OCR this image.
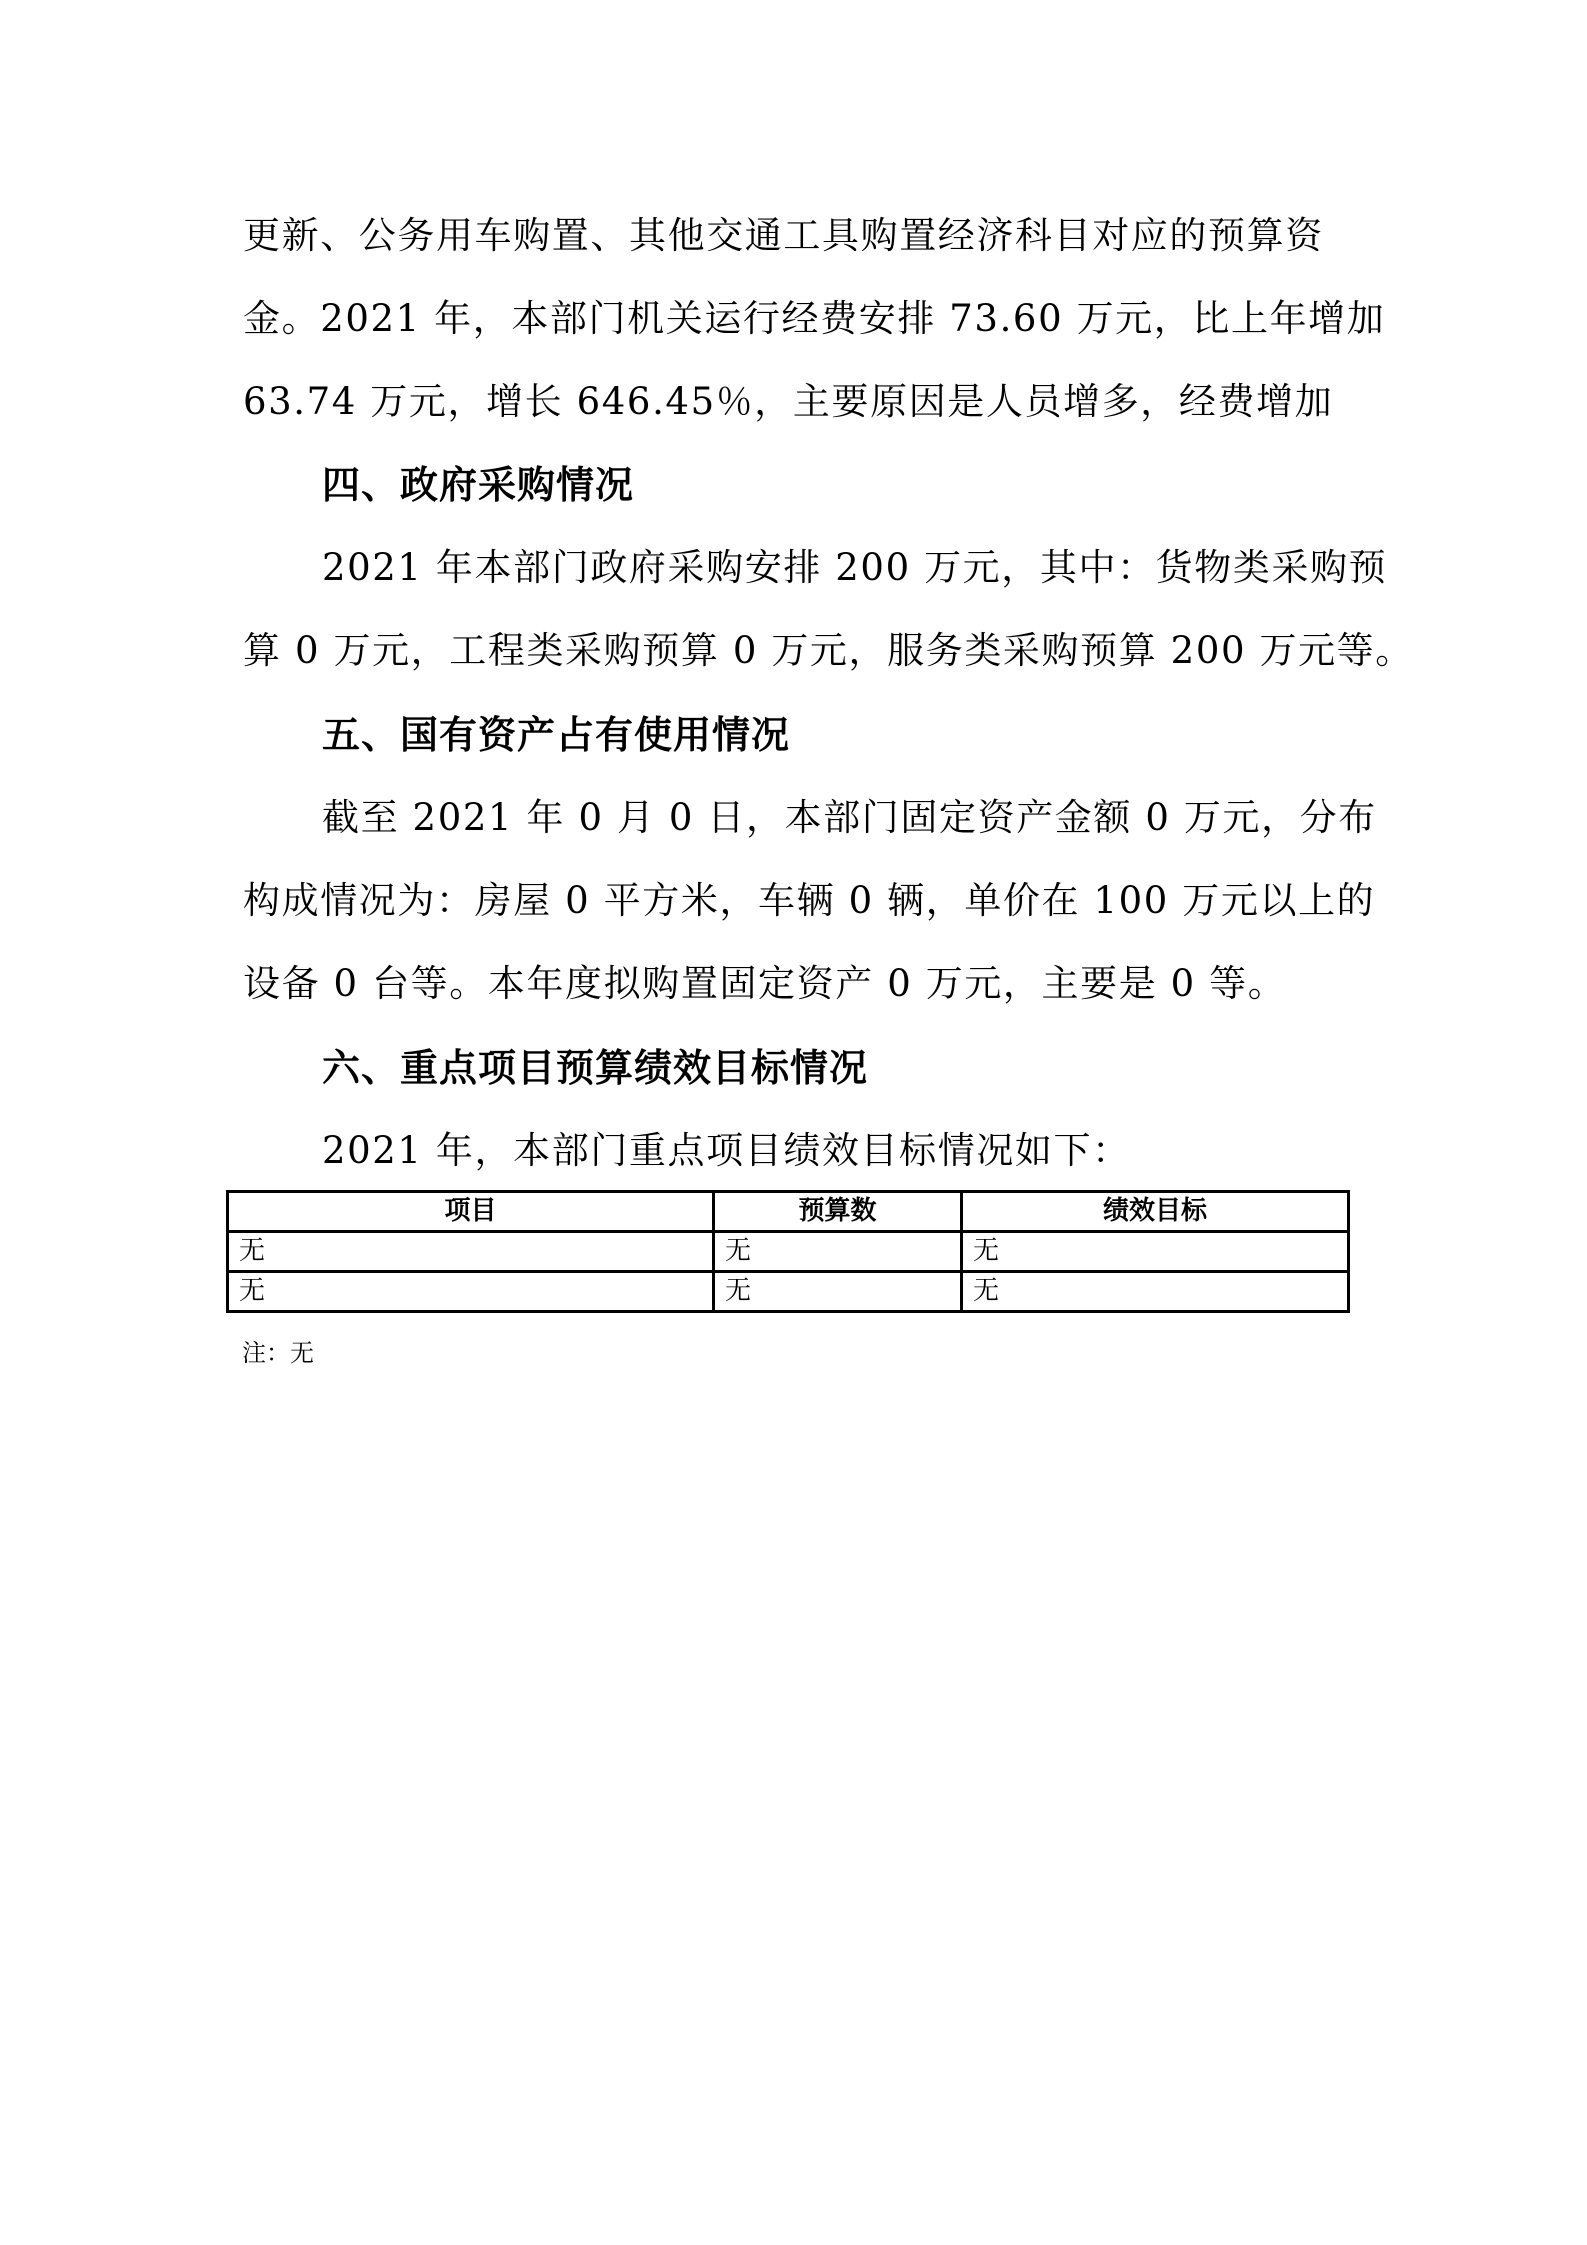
更新、公务用车购置、其他交通工具购置经济科目对应的预算资
金。2021 年，本部门机关运行经费安排 73.60 万元，比上年增加
63.74 万元，增长 646.45％，主要原因是人员增多，经费增加
四、政府采购情况
2021 年本部门政府采购安排 200 万元，其中：货物类采购预
算 0 万元，工程类采购预算 0 万元，服务类采购预算 200 万元等。
五、国有资产占有使用情况
截至 2021 年 0 月 0 日，本部门固定资产金额 0 万元，分布
构成情况为：房屋 0 平方米，车辆 0 辆，单价在 100 万元以上的
设备 0 台等。本年度拟购置固定资产 0 万元，主要是 0 等。
六、重点项目预算绩效目标情况
2021 年，本部门重点项目绩效目标情况如下：
项目	预算数	绩效目标
无	无	无
无	无	无
注：无
